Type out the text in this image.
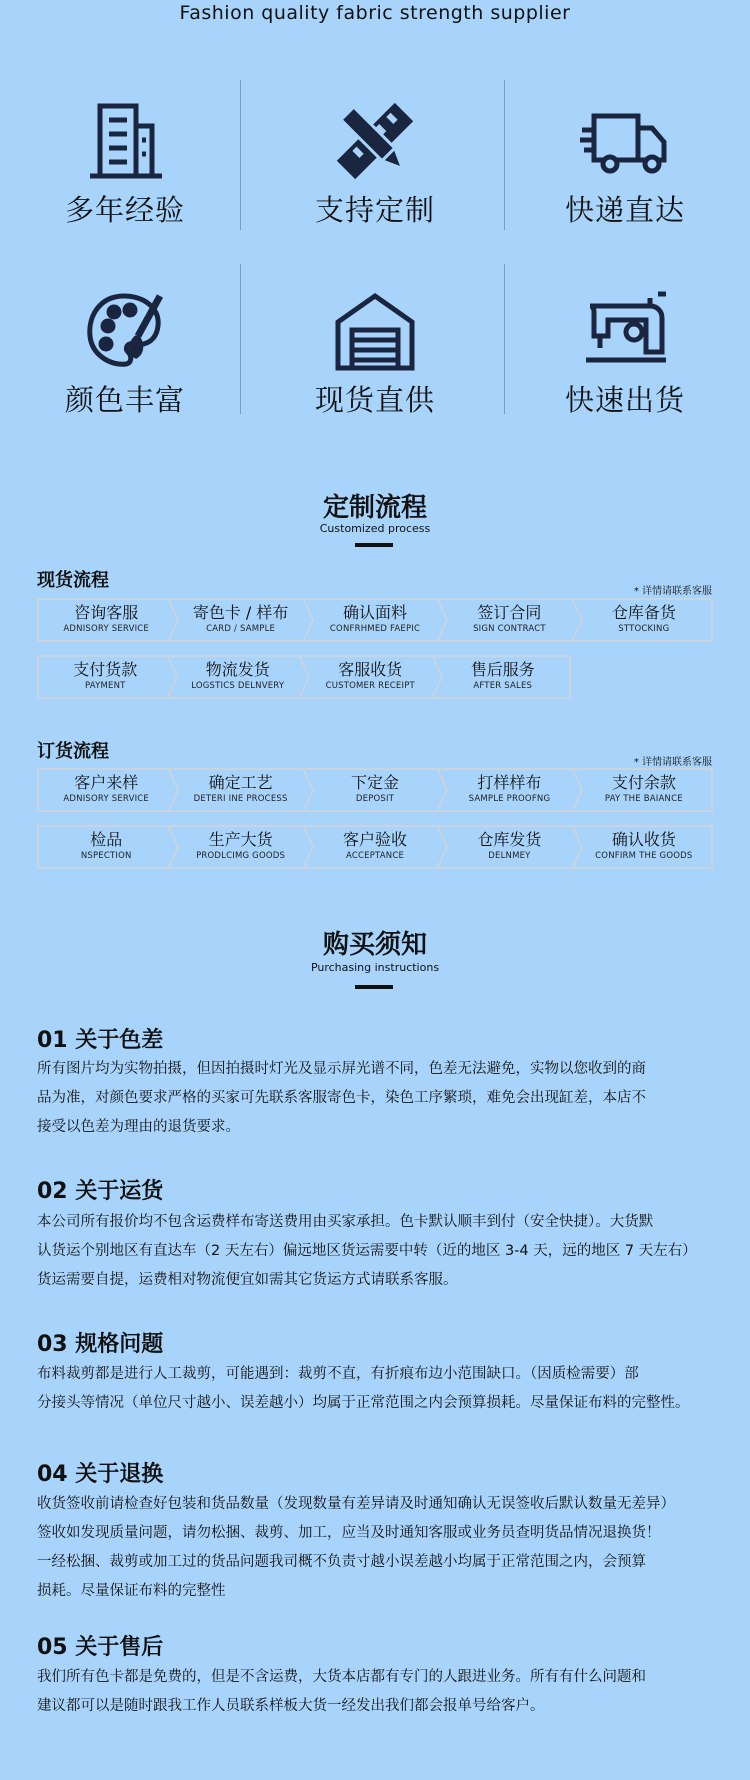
Fashion quality fabric strength supplier
多年经验	支持定制	快递直达
颜色丰富	现货直供	快速出货
定制流程
Customized process
现货流程
* 详情请联系客服
咨询客服
ADNISORY SERVICE
寄色卡 / 样布
CARD / SAMPLE
确认面料
CONFRHMED FAEPIC
签订合同
SIGN CONTRACT
仓库备货
STTOCKING
支付货款
PAYMENT
物流发货
LOGSTICS DELNVERY
客服收货
CUSTOMER RECEIPT
售后服务
AFTER SALES
订货流程
* 详情请联系客服
客户来样
ADNISORY SERVICE
确定工艺
DETERI INE PROCESS
下定金
DEPOSIT
打样样布
SAMPLE PROOFNG
支付余款
PAY THE BAIANCE
检品
NSPECTION
生产大货
PRODLCIMG GOODS
客户验收
ACCEPTANCE
仓库发货
DELNMEY
确认收货
CONFIRM THE GOODS
购买须知
Purchasing instructions
01 关于色差
所有图片均为实物拍摄，但因拍摄时灯光及显示屏光谱不同，色差无法避免，实物以您收到的商
品为准，对颜色要求严格的买家可先联系客服寄色卡，染色工序繁琐，难免会出现缸差，本店不
接受以色差为理由的退货要求。
02 关于运货
本公司所有报价均不包含运费样布寄送费用由买家承担。色卡默认顺丰到付（安全快捷）。大货默
认货运个别地区有直达车（2 天左右）偏远地区货运需要中转（近的地区 3-4 天，远的地区 7 天左右）
货运需要自提，运费相对物流便宜如需其它货运方式请联系客服。
03 规格问题
布料裁剪都是进行人工裁剪，可能遇到：裁剪不直，有折痕布边小范围缺口。（因质检需要）部
分接头等情况（单位尺寸越小、误差越小）均属于正常范围之内会预算损耗。尽量保证布料的完整性。
04 关于退换
收货签收前请检查好包装和货品数量（发现数量有差异请及时通知确认无误签收后默认数量无差异）
签收如发现质量问题，请勿松捆、裁剪、加工，应当及时通知客服或业务员查明货品情况退换货！
一经松捆、裁剪或加工过的货品问题我司概不负责寸越小误差越小均属于正常范围之内，会预算
损耗。尽量保证布料的完整性
05 关于售后
我们所有色卡都是免费的，但是不含运费，大货本店都有专门的人跟进业务。所有有什么问题和
建议都可以是随时跟我工作人员联系样板大货一经发出我们都会报单号给客户。
